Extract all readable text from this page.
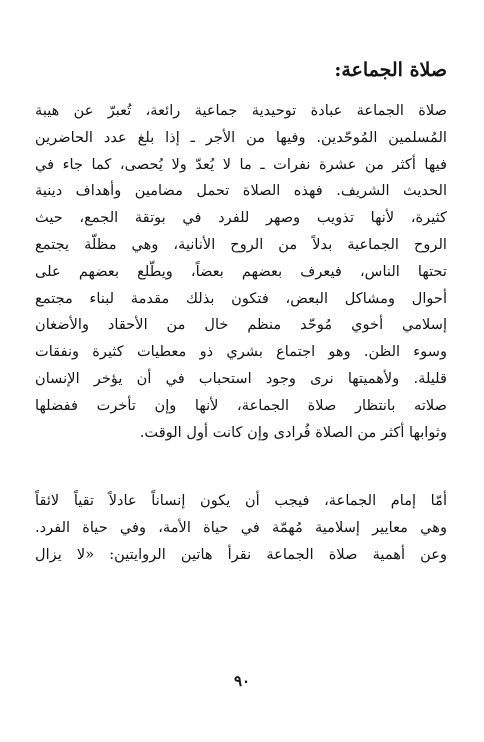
صلاة الجماعة:
صلاة الجماعة عبادة توحيدية جماعية رائعة، تُعبرّ عن هيبة
المُسلمين المُوحّدين. وفيها من الأجر ـ إذا بلغ عدد الحاضرين
فيها أكثر من عشرة نفرات ـ ما لا يُعدّ ولا يُحصى، كما جاء في
الحديث الشريف. فهذه الصلاة تحمل مضامين وأهداف دينية
كثيرة، لأنها تذويب وصهر للفرد في بوتقة الجمع، حيث
الروح الجماعية بدلاً من الروح الأنانية، وهي مظلّة يجتمع
تحتها الناس، فيعرف بعضهم بعضاً، ويطّلع بعضهم على
أحوال ومشاكل البعض، فتكون بذلك مقدمة لبناء مجتمع
إسلامي أخوي مُوحّد منظم خال من الأحقاد والأضغان
وسوء الظن. وهو اجتماع بشري ذو معطيات كثيرة ونفقات
قليلة. ولأهميتها نرى وجود استحباب في أن يؤخر الإنسان
صلاته بانتظار صلاة الجماعة، لأنها وإن تأخرت ففضلها
وثوابها أكثر من الصلاة فُرادى وإن كانت أول الوقت.
أمّا إمام الجماعة، فيجب أن يكون إنساناً عادلاً تقياً لائقاً
وهي معايير إسلامية مُهمّة في حياة الأمة، وفي حياة الفرد.
وعن أهمية صلاة الجماعة نقرأ هاتين الروايتين: «لا يزال
٩٠
